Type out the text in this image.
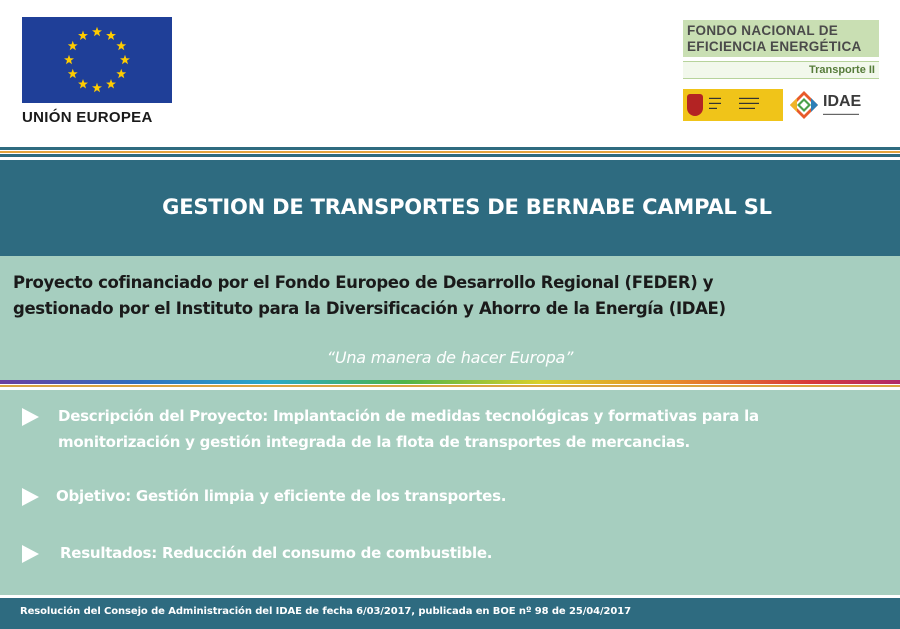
UNIÓN EUROPEA
FONDO NACIONAL DE
EFICIENCIA ENERGÉTICA
Transporte II
▬▬▬
▬▬▬
▬▬
▬▬▬▬▬
▬▬▬▬▬
▬▬▬▬	IDAE
▬▬▬▬▬▬▬▬▬
GESTION DE TRANSPORTES DE BERNABE CAMPAL SL
Proyecto cofinanciado por el Fondo Europeo de Desarrollo Regional (FEDER) y
gestionado por el Instituto para la Diversificación y Ahorro de la Energía (IDAE)
“Una manera de hacer Europa”
Descripción del Proyecto: Implantación de medidas tecnológicas y formativas para la
monitorización y gestión integrada de la flota de transportes de mercancias.
Objetivo: Gestión limpia y eficiente de los transportes.
Resultados: Reducción del consumo de combustible.
Resolución del Consejo de Administración del IDAE de fecha 6/03/2017, publicada en BOE nº 98 de 25/04/2017
